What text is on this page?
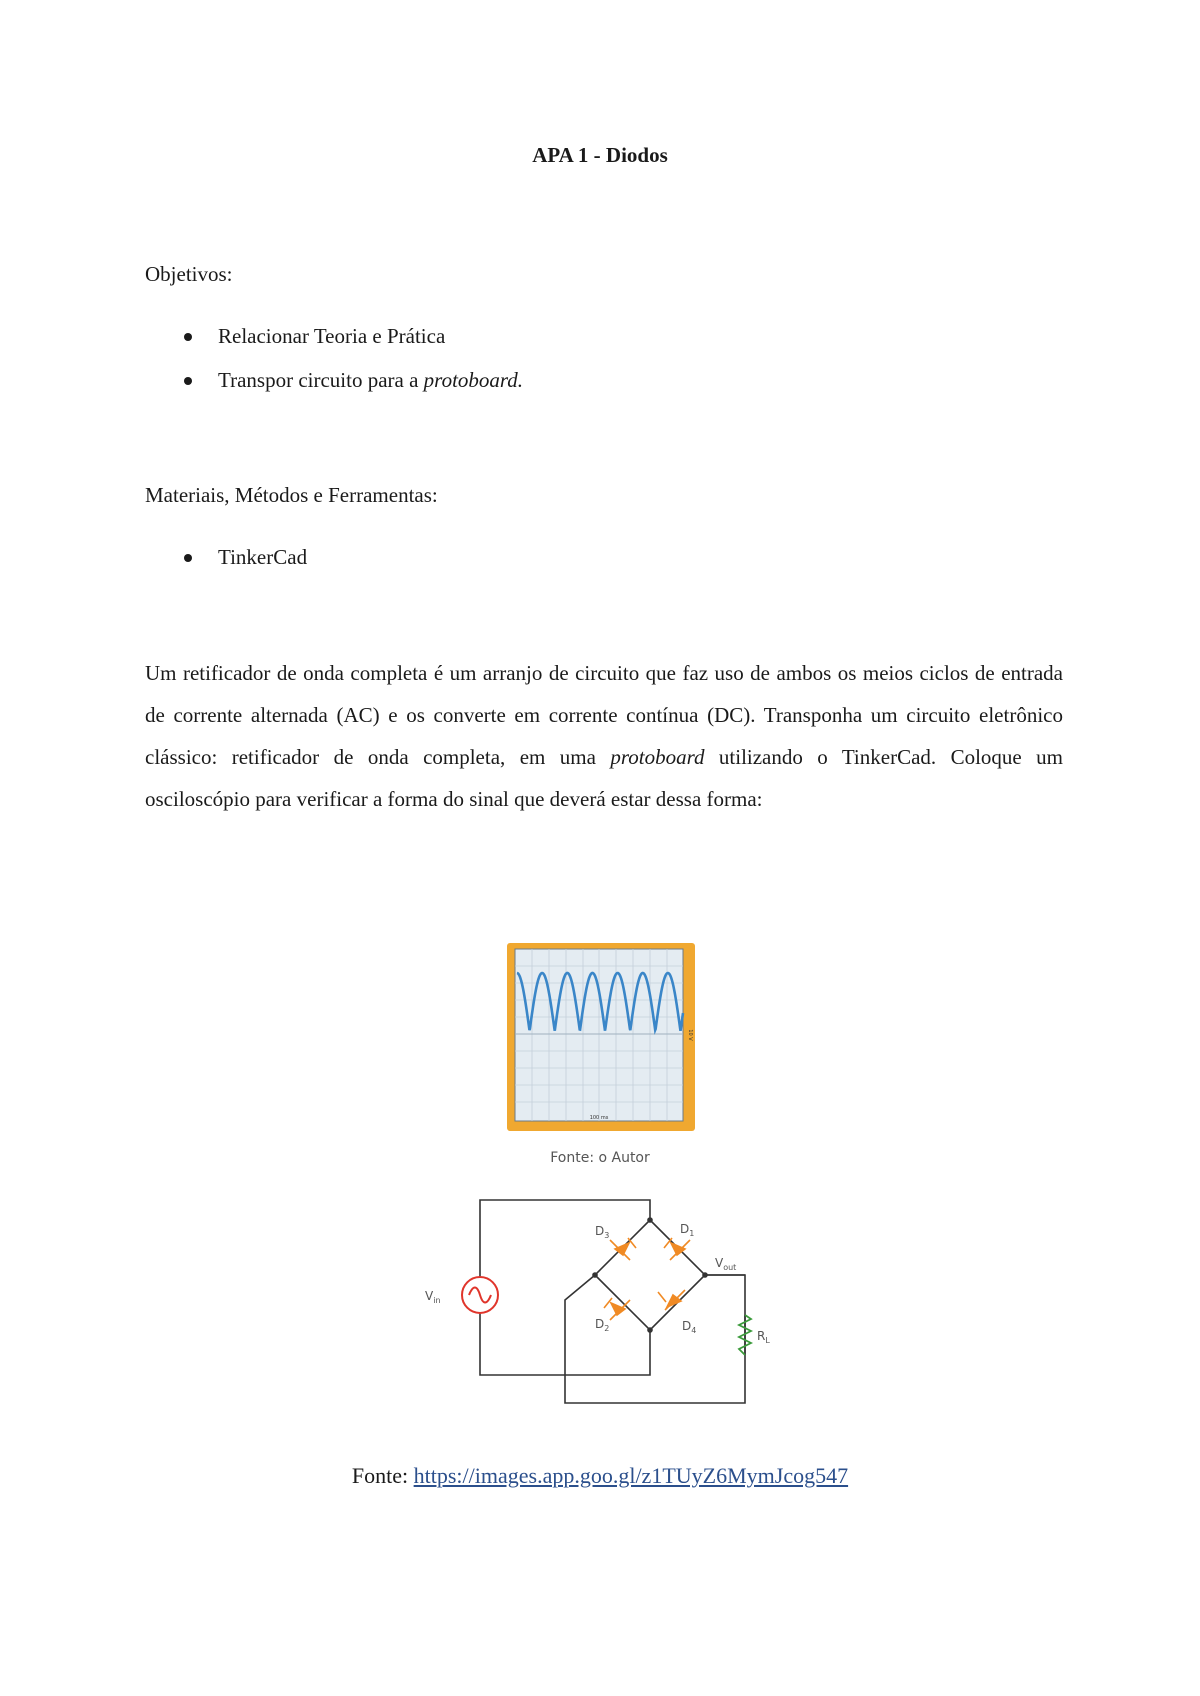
APA 1 - Diodos
Objetivos:
Relacionar Teoria e Prática
Transpor circuito para a protoboard.
Materiais, Métodos e Ferramentas:
TinkerCad

Um retificador de onda completa é um arranjo de circuito que faz uso de ambos os meios ciclos de entrada de corrente alternada (AC) e os converte em corrente contínua (DC). Transponha um circuito eletrônico clássico: retificador de onda completa, em uma protoboard utilizando o TinkerCad. Coloque um osciloscópio para verificar a forma do sinal que deverá estar dessa forma:

10 V
100 ms
Fonte: o Autor
$V_{in}$
$V_{out}$
$D_3$	$D_1$
$D_2$	$D_4$	$R_L$
Fonte: https://images.app.goo.gl/z1TUyZ6MymJcog547
